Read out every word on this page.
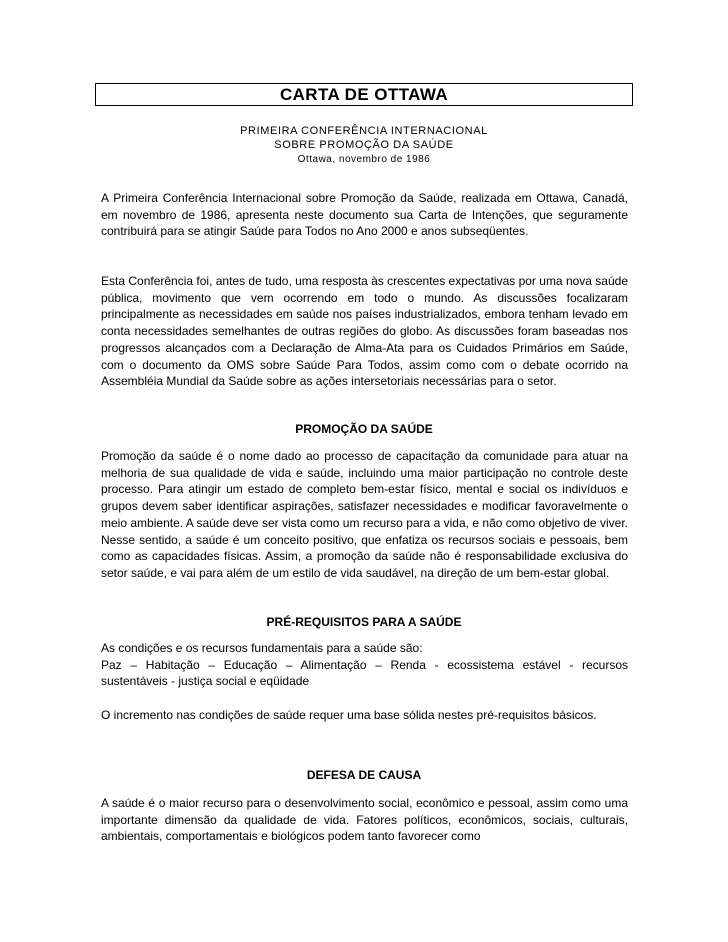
CARTA DE OTTAWA
PRIMEIRA CONFERÊNCIA INTERNACIONAL
SOBRE PROMOÇÃO DA SAÚDE
Ottawa, novembro de 1986

A Primeira Conferência Internacional sobre Promoção da Saúde, realizada em Ottawa, Canadá, em novembro de 1986, apresenta neste documento sua Carta de Intenções, que seguramente contribuirá para se atingir Saúde para Todos no Ano 2000 e anos subseqüentes.

Esta Conferência foi, antes de tudo, uma resposta às crescentes expectativas por uma nova saúde pública, movimento que vem ocorrendo em todo o mundo. As discussões focalizaram principalmente as necessidades em saúde nos países industrializados, embora tenham levado em conta necessidades semelhantes de outras regiões do globo. As discussões foram baseadas nos progressos alcançados com a Declaração de Alma-Ata para os Cuidados Primários em Saúde, com o documento da OMS sobre Saúde Para Todos, assim como com o debate ocorrido na Assembléia Mundial da Saúde sobre as ações intersetoriais necessárias para o setor.

PROMOÇÃO DA SAÚDE

Promoção da saúde é o nome dado ao processo de capacitação da comunidade para atuar na melhoria de sua qualidade de vida e saúde, incluindo uma maior participação no controle deste processo. Para atingir um estado de completo bem-estar físico, mental e social os indivíduos e grupos devem saber identificar aspirações, satisfazer necessidades e modificar favoravelmente o meio ambiente. A saúde deve ser vista como um recurso para a vida, e não como objetivo de viver. Nesse sentido, a saúde é um conceito positivo, que enfatiza os recursos sociais e pessoais, bem como as capacidades físicas. Assim, a promoção da saúde não é responsabilidade exclusiva do setor saúde, e vai para além de um estilo de vida saudável, na direção de um bem-estar global.

PRÉ-REQUISITOS PARA A SAÚDE

As condições e os recursos fundamentais para a saúde são:
Paz – Habitação – Educação – Alimentação – Renda - ecossistema estável - recursos sustentáveis - justiça social e eqüidade

O incremento nas condições de saúde requer uma base sólida nestes pré-requisitos básicos.

DEFESA DE CAUSA

A saúde é o maior recurso para o desenvolvimento social, econômico e pessoal, assim como uma importante dimensão da qualidade de vida. Fatores políticos, econômicos, sociais, culturais, ambientais, comportamentais e biológicos podem tanto favorecer como
